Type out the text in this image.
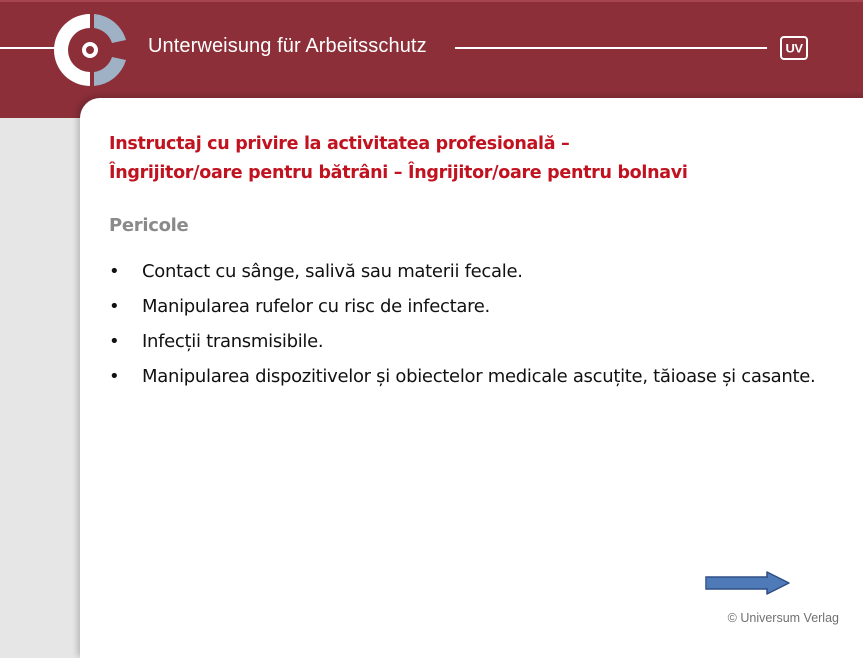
Unterweisung für Arbeitsschutz	UV
Instructaj cu privire la activitatea profesională –
Îngrijitor/oare pentru bătrâni – Îngrijitor/oare pentru bolnavi
Pericole
• Contact cu sânge, salivă sau materii fecale.
• Manipularea rufelor cu risc de infectare.
• Infecții transmisibile.
• Manipularea dispozitivelor și obiectelor medicale ascuțite, tăioase și casante.
© Universum Verlag
